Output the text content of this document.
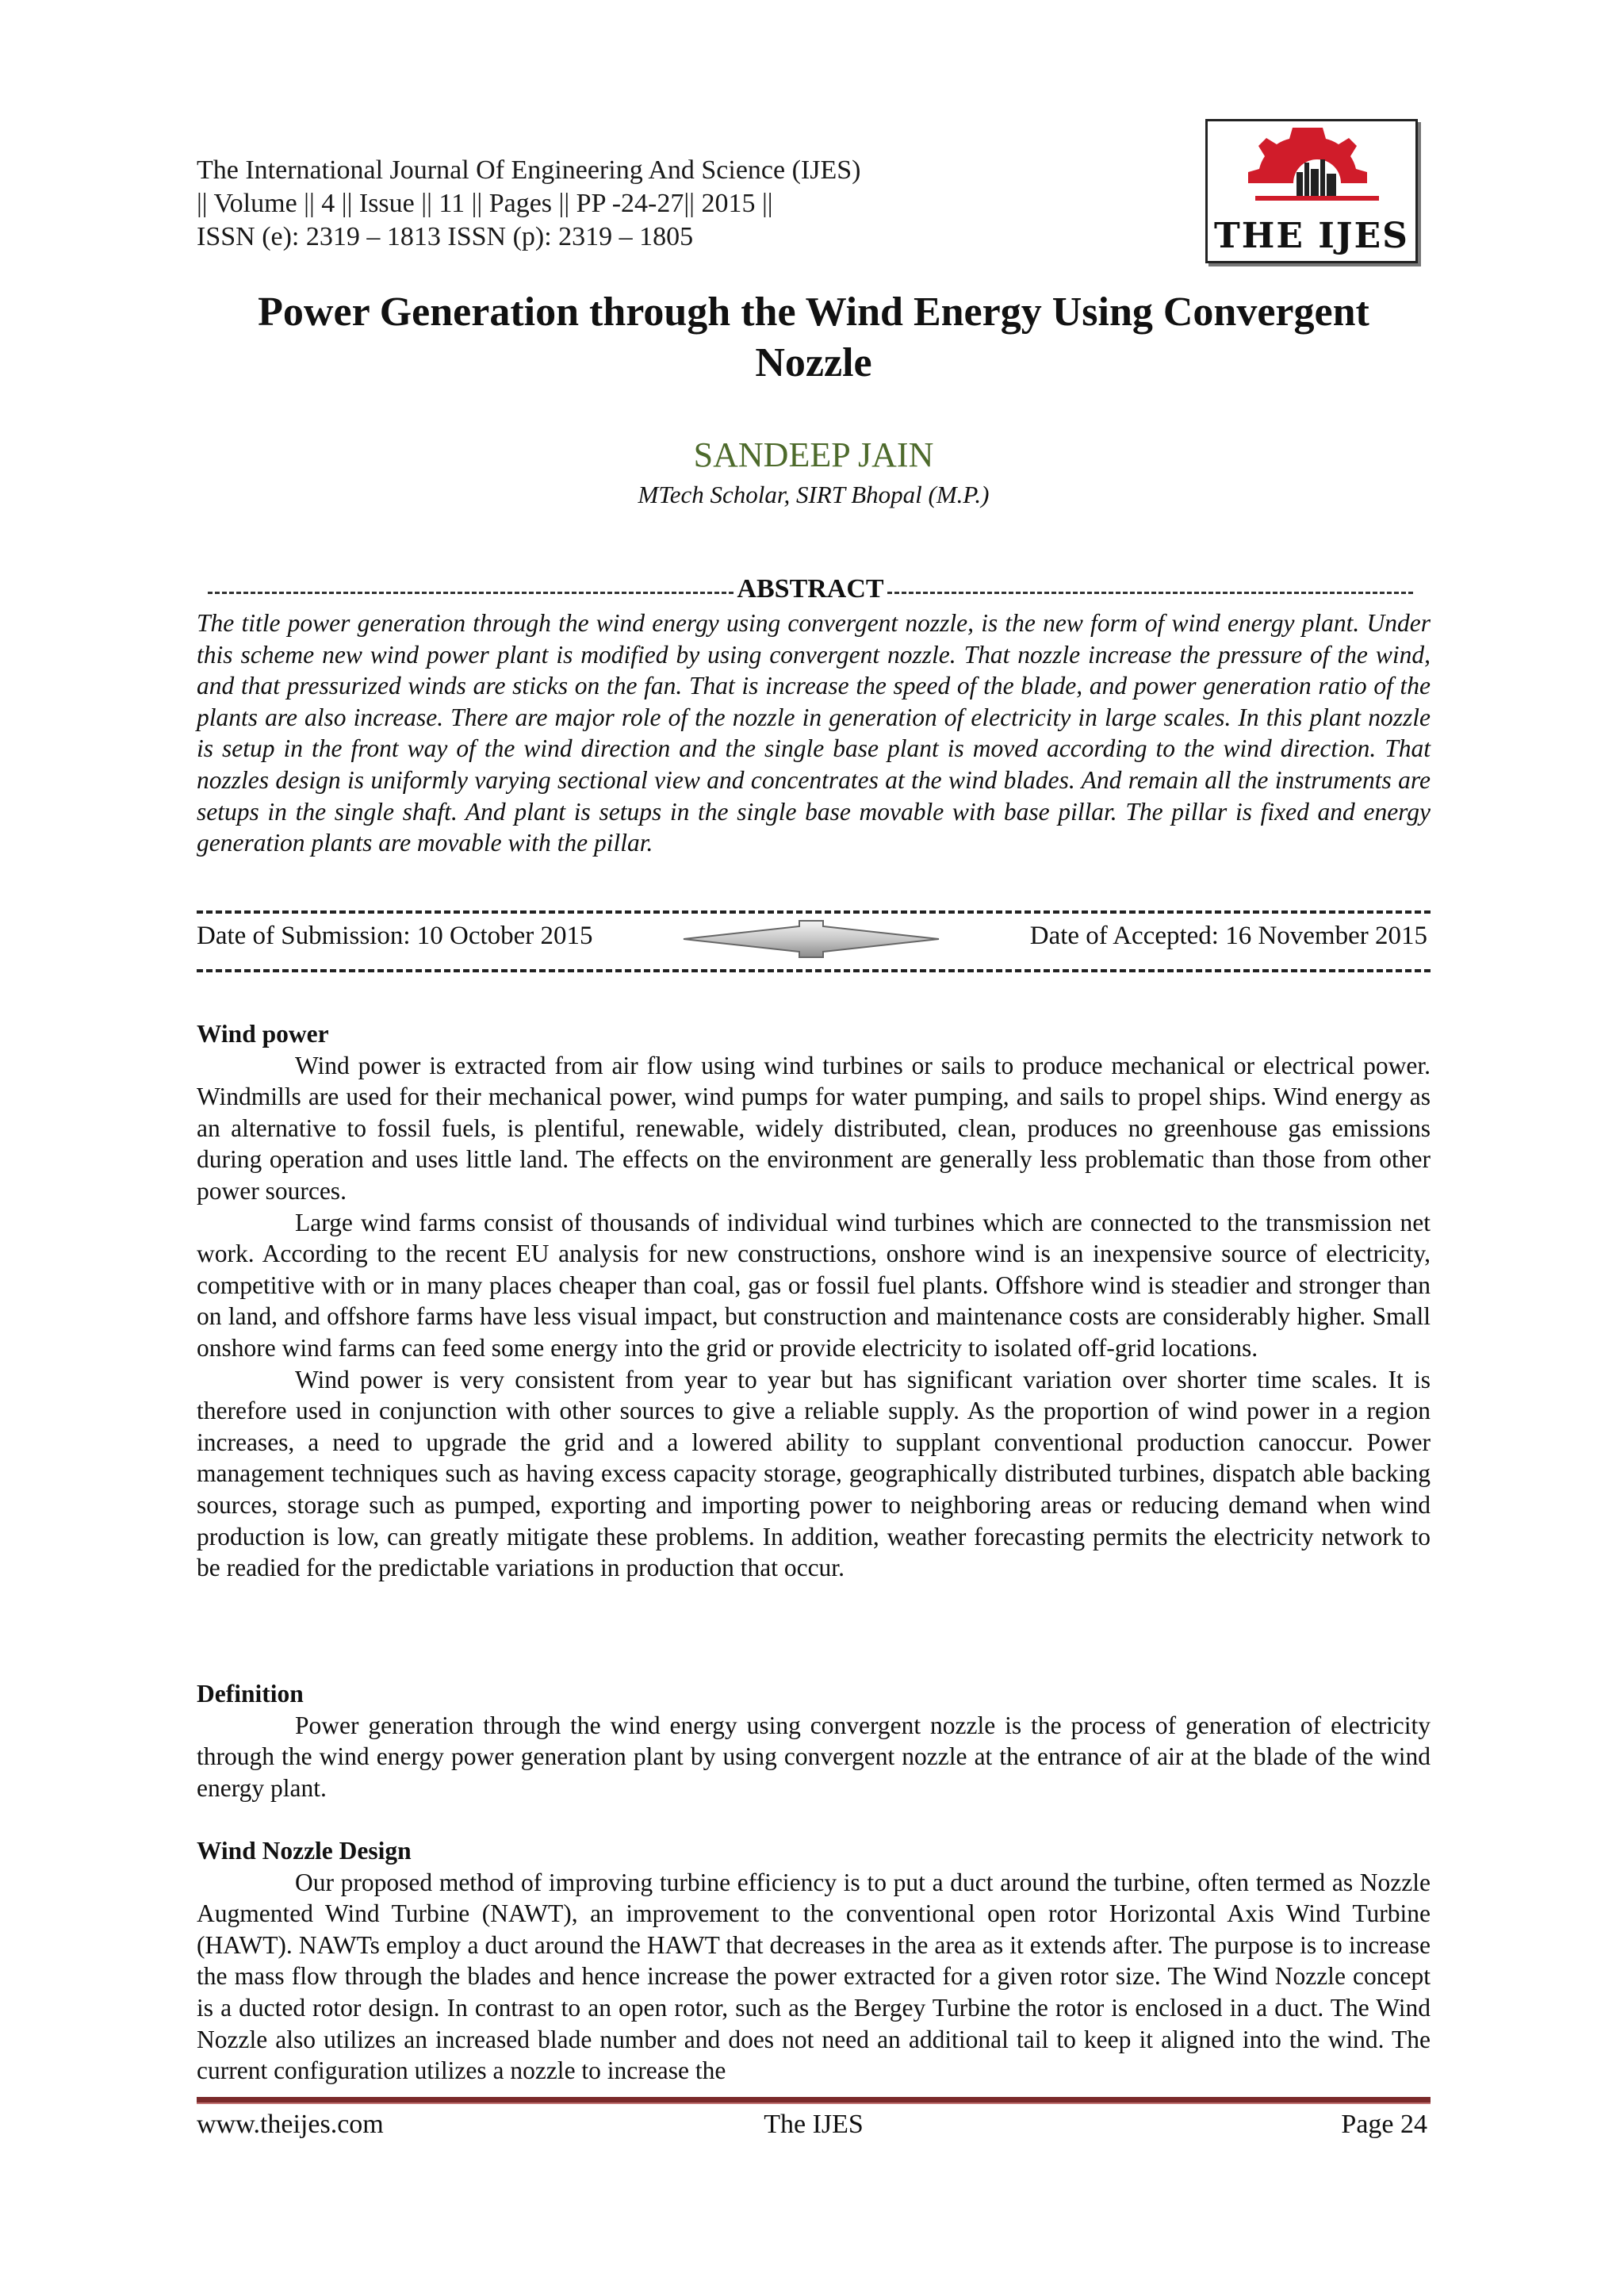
The International Journal Of Engineering And Science (IJES)
|| Volume || 4 || Issue || 11 || Pages || PP -24-27|| 2015 ||
ISSN (e): 2319 – 1813 ISSN (p): 2319 – 1805	THE IJES
Power Generation through the Wind Energy Using Convergent Nozzle
SANDEEP JAIN
MTech Scholar, SIRT Bhopal (M.P.)
ABSTRACT
The title power generation through the wind energy using convergent nozzle, is the new form of wind energy plant. Under this scheme new wind power plant is modified by using convergent nozzle. That nozzle increase the pressure of the wind, and that pressurized winds are sticks on the fan. That is increase the speed of the blade, and power generation ratio of the plants are also increase. There are major role of the nozzle in generation of electricity in large scales. In this plant nozzle is setup in the front way of the wind direction and the single base plant is moved according to the wind direction. That nozzles design is uniformly varying sectional view and concentrates at the wind blades. And remain all the instruments are setups in the single shaft. And plant is setups in the single base movable with base pillar. The pillar is fixed and energy generation plants are movable with the pillar.
Date of Submission: 10 October 2015	Date of Accepted: 16 November 2015
Wind power

Wind power is extracted from air flow using wind turbines or sails to produce mechanical or electrical power. Windmills are used for their mechanical power, wind pumps for water pumping, and sails to propel ships. Wind energy as an alternative to fossil fuels, is plentiful, renewable, widely distributed, clean, produces no greenhouse gas emissions during operation and uses little land. The effects on the environment are generally less problematic than those from other power sources.

Large wind farms consist of thousands of individual wind turbines which are connected to the transmission net work. According to the recent EU analysis for new constructions, onshore wind is an inexpensive source of electricity, competitive with or in many places cheaper than coal, gas or fossil fuel plants. Offshore wind is steadier and stronger than on land, and offshore farms have less visual impact, but construction and maintenance costs are considerably higher. Small onshore wind farms can feed some energy into the grid or provide electricity to isolated off-grid locations.

Wind power is very consistent from year to year but has significant variation over shorter time scales. It is therefore used in conjunction with other sources to give a reliable supply. As the proportion of wind power in a region increases, a need to upgrade the grid and a lowered ability to supplant conventional production canoccur. Power management techniques such as having excess capacity storage, geographically distributed turbines, dispatch able backing sources, storage such as pumped, exporting and importing power to neighboring areas or reducing demand when wind production is low, can greatly mitigate these problems. In addition, weather forecasting permits the electricity network to be readied for the predictable variations in production that occur.

Definition

Power generation through the wind energy using convergent nozzle is the process of generation of electricity through the wind energy power generation plant by using convergent nozzle at the entrance of air at the blade of the wind energy plant.

Wind Nozzle Design

Our proposed method of improving turbine efficiency is to put a duct around the turbine, often termed as Nozzle Augmented Wind Turbine (NAWT), an improvement to the conventional open rotor Horizontal Axis Wind Turbine (HAWT). NAWTs employ a duct around the HAWT that decreases in the area as it extends after. The purpose is to increase the mass flow through the blades and hence increase the power extracted for a given rotor size. The Wind Nozzle concept is a ducted rotor design. In contrast to an open rotor, such as the Bergey Turbine the rotor is enclosed in a duct. The Wind Nozzle also utilizes an increased blade number and does not need an additional tail to keep it aligned into the wind. The current configuration utilizes a nozzle to increase the

www.theijes.com	The IJES	Page 24
